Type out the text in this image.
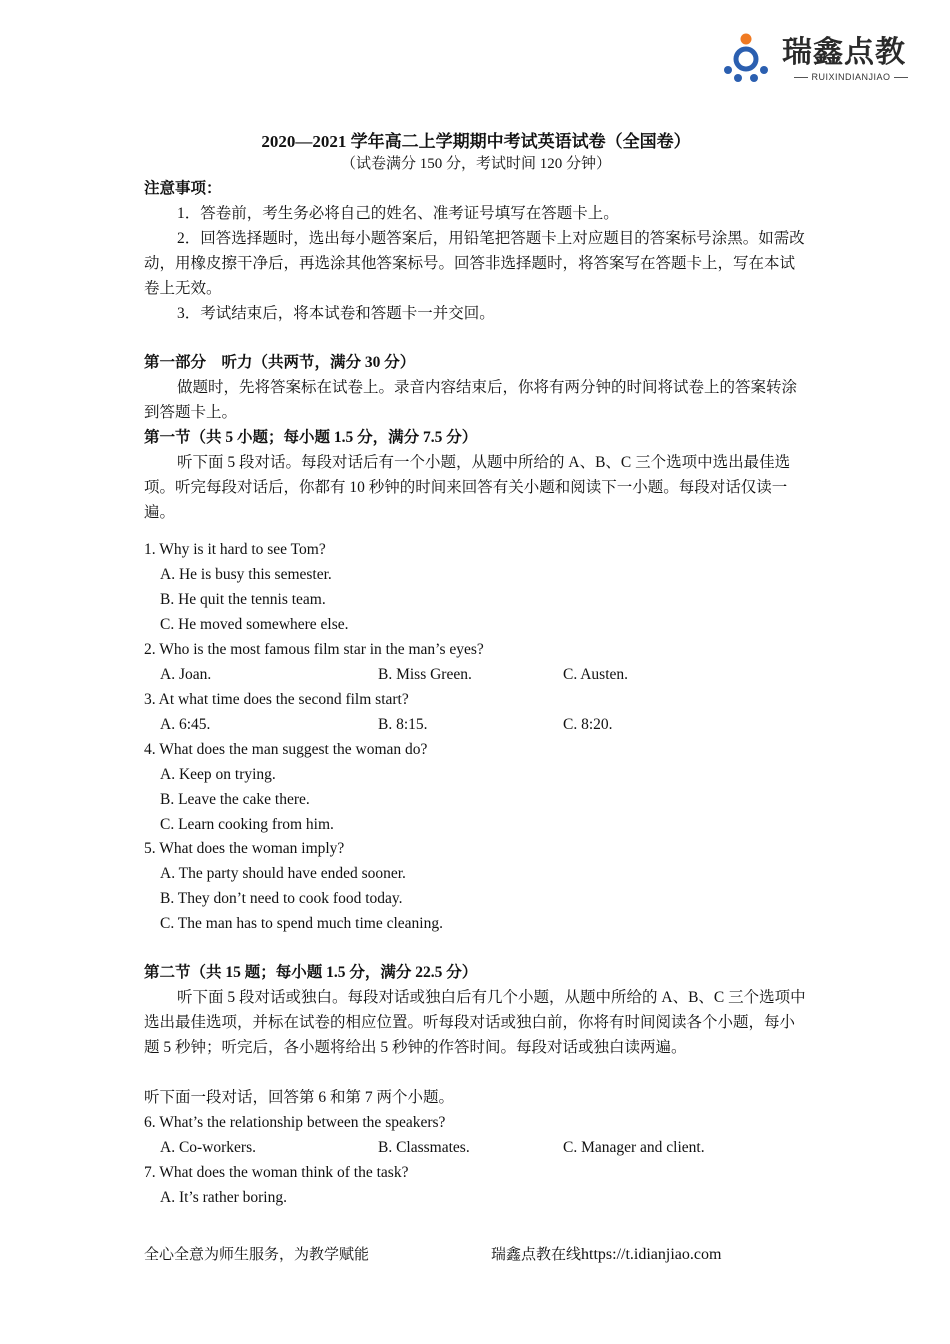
瑞鑫点教
RUIXINDIANJIAO
2020—2021 学年高二上学期期中考试英语试卷（全国卷）
（试卷满分 150 分，考试时间 120 分钟）
注意事项：
1．答卷前，考生务必将自己的姓名、准考证号填写在答题卡上。
2．回答选择题时，选出每小题答案后，用铅笔把答题卡上对应题目的答案标号涂黑。如需改动，用橡皮擦干净后，再选涂其他答案标号。回答非选择题时，将答案写在答题卡上，写在本试卷上无效。
3．考试结束后，将本试卷和答题卡一并交回。
第一部分　听力（共两节，满分 30 分）
做题时，先将答案标在试卷上。录音内容结束后，你将有两分钟的时间将试卷上的答案转涂到答题卡上。
第一节（共 5 小题；每小题 1.5 分，满分 7.5 分）
听下面 5 段对话。每段对话后有一个小题，从题中所给的 A、B、C 三个选项中选出最佳选项。听完每段对话后，你都有 10 秒钟的时间来回答有关小题和阅读下一小题。每段对话仅读一遍。
1. Why is it hard to see Tom?
A. He is busy this semester.
B. He quit the tennis team.
C. He moved somewhere else.
2. Who is the most famous film star in the man’s eyes?
A. Joan.	B. Miss Green.	C. Austen.
3. At what time does the second film start?
A. 6:45.	B. 8:15.	C. 8:20.
4. What does the man suggest the woman do?
A. Keep on trying.
B. Leave the cake there.
C. Learn cooking from him.
5. What does the woman imply?
A. The party should have ended sooner.
B. They don’t need to cook food today.
C. The man has to spend much time cleaning.
第二节（共 15 题；每小题 1.5 分，满分 22.5 分）
听下面 5 段对话或独白。每段对话或独白后有几个小题，从题中所给的 A、B、C 三个选项中选出最佳选项，并标在试卷的相应位置。听每段对话或独白前，你将有时间阅读各个小题，每小题 5 秒钟；听完后，各小题将给出 5 秒钟的作答时间。每段对话或独白读两遍。
听下面一段对话，回答第 6 和第 7 两个小题。
6. What’s the relationship between the speakers?
A. Co-workers.	B. Classmates.	C. Manager and client.
7. What does the woman think of the task?
A. It’s rather boring.
全心全意为师生服务，为教学赋能	瑞鑫点教在线https://t.idianjiao.com
